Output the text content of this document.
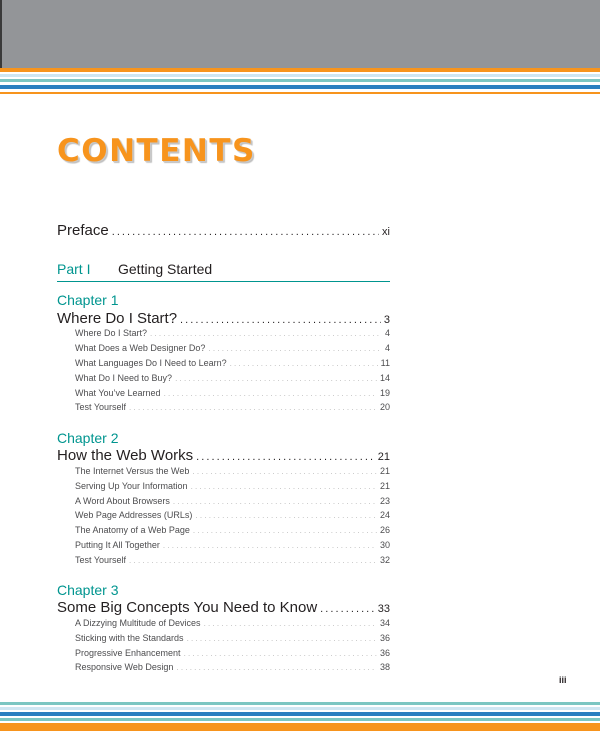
CONTENTS
Preface . . .	xi
Part I Getting Started
Chapter 1
Where Do I Start? . . .	3
Where Do I Start? . . .	4
What Does a Web Designer Do? . . .	4
What Languages Do I Need to Learn? . . .	11
What Do I Need to Buy? . . .	14
What You’ve Learned . . .	19
Test Yourself . . .	20
Chapter 2
How the Web Works . . .	21
The Internet Versus the Web . . .	21
Serving Up Your Information . . .	21
A Word About Browsers . . .	23
Web Page Addresses (URLs) . . .	24
The Anatomy of a Web Page . . .	26
Putting It All Together . . .	30
Test Yourself . . .	32
Chapter 3
Some Big Concepts You Need to Know . . .	33
A Dizzying Multitude of Devices . . .	34
Sticking with the Standards . . .	36
Progressive Enhancement . . .	36
Responsive Web Design . . .	38
iii
